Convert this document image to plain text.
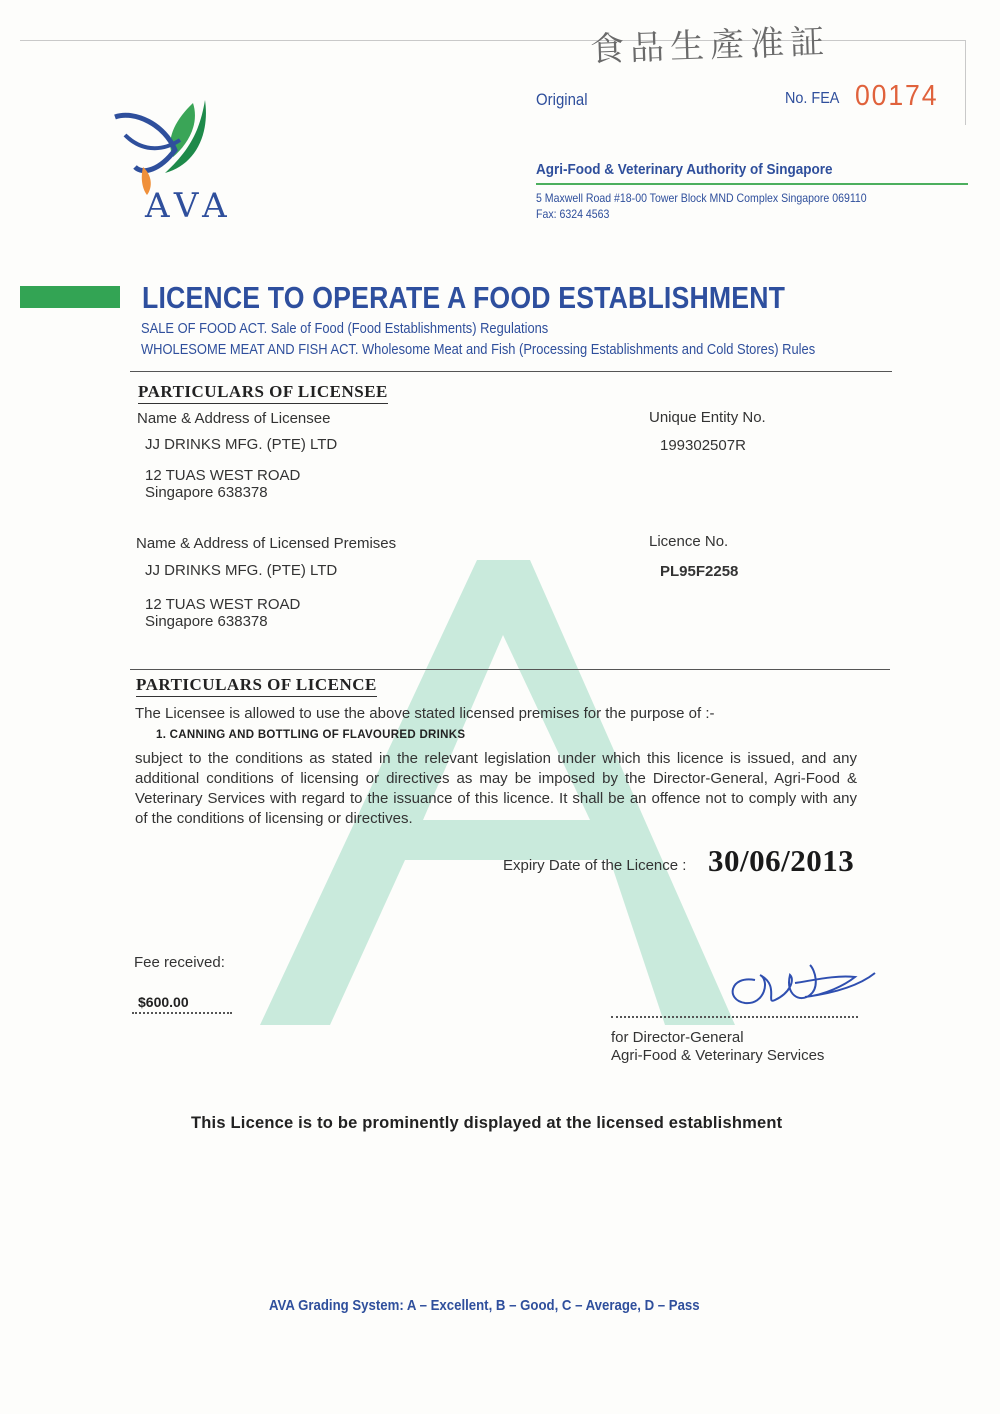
食品生產准証
AVA
Original	No. FEA 00174
Agri-Food & Veterinary Authority of Singapore
5 Maxwell Road #18-00 Tower Block MND Complex Singapore 069110
Fax: 6324 4563
LICENCE TO OPERATE A FOOD ESTABLISHMENT
SALE OF FOOD ACT. Sale of Food (Food Establishments) Regulations
WHOLESOME MEAT AND FISH ACT. Wholesome Meat and Fish (Processing Establishments and Cold Stores) Rules
PARTICULARS OF LICENSEE
Name & Address of Licensee
JJ DRINKS MFG. (PTE) LTD
12 TUAS WEST ROAD
Singapore 638378
Unique Entity No.
199302507R
Name & Address of Licensed Premises
JJ DRINKS MFG. (PTE) LTD
12 TUAS WEST ROAD
Singapore 638378
Licence No.
PL95F2258
PARTICULARS OF LICENCE
The Licensee is allowed to use the above stated licensed premises for the purpose of :-
1. CANNING AND BOTTLING OF FLAVOURED DRINKS
subject to the conditions as stated in the relevant legislation under which this licence is issued, and any additional conditions of licensing or directives as may be imposed by the Director-General, Agri-Food & Veterinary Services with regard to the issuance of this licence. It shall be an offence not to comply with any of the conditions of licensing or directives.
Expiry Date of the Licence : 30/06/2013
Fee received:
$600.00
for Director-General
Agri-Food & Veterinary Services
This Licence is to be prominently displayed at the licensed establishment
AVA Grading System: A – Excellent, B – Good, C – Average, D – Pass
